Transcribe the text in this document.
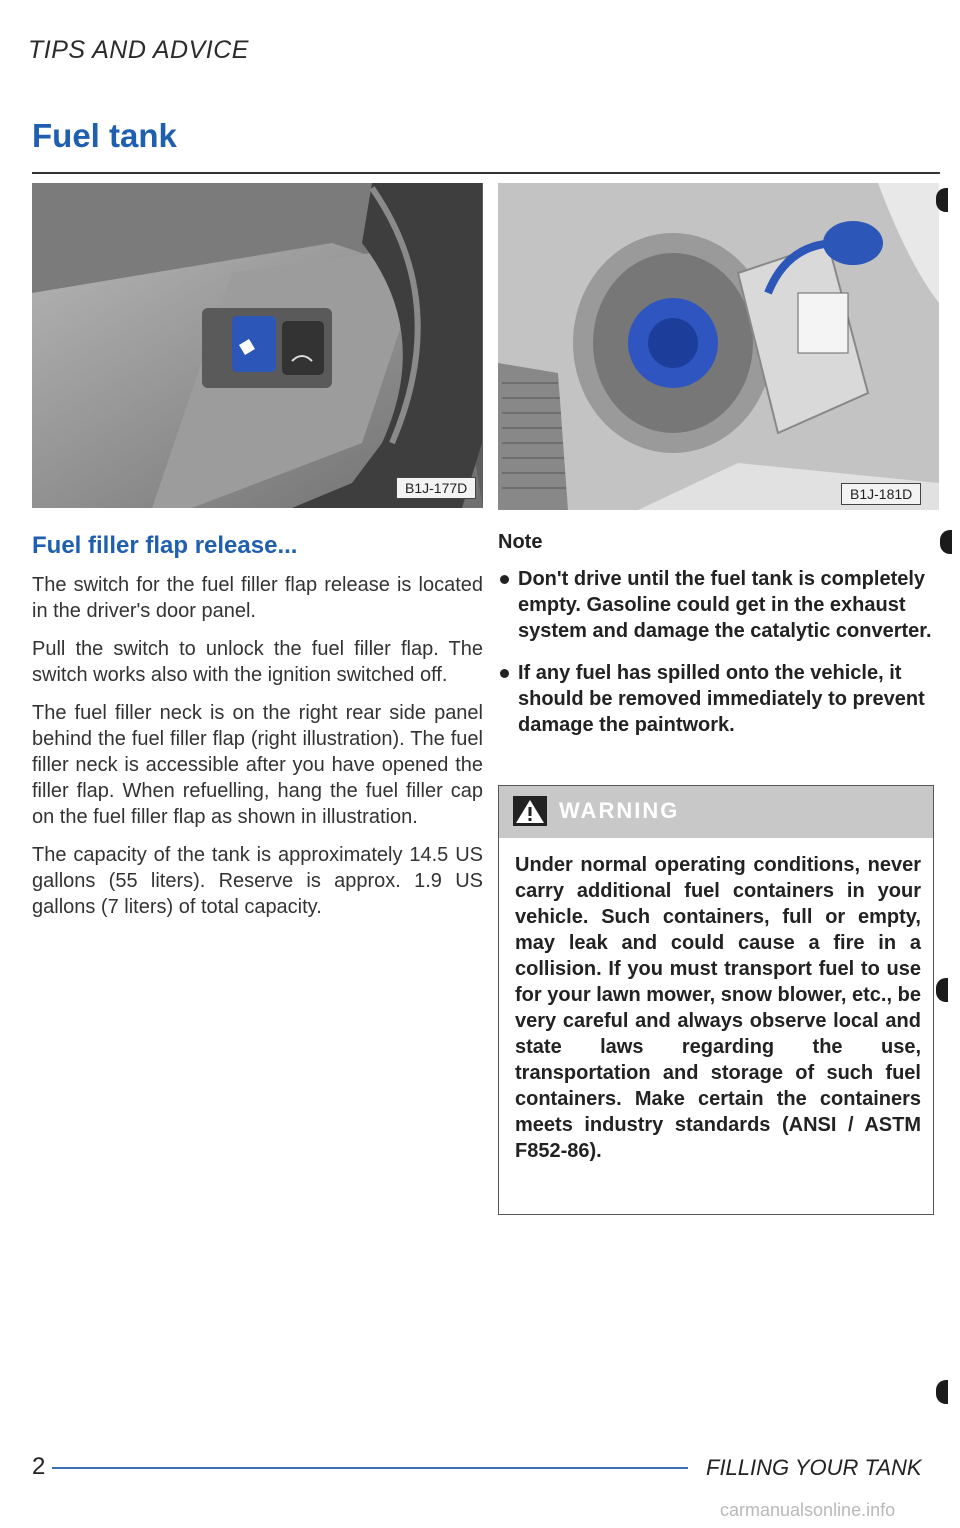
TIPS AND ADVICE
Fuel tank
B1J-177D	B1J-181D
Fuel filler flap release...

The switch for the fuel filler flap release is located in the driver's door panel.

Pull the switch to unlock the fuel filler flap. The switch works also with the ignition switched off.

The fuel filler neck is on the right rear side panel behind the fuel filler flap (right illustration). The fuel filler neck is accessible after you have opened the filler flap. When refuelling, hang the fuel filler cap on the fuel filler flap as shown in illustration.

The capacity of the tank is approximately 14.5 US gallons (55 liters). Reserve is approx. 1.9 US gallons (7 liters) of total capacity.

Note
Don't drive until the fuel tank is completely empty. Gasoline could get in the exhaust system and damage the catalytic converter.
If any fuel has spilled onto the vehicle, it should be removed immediately to prevent damage the paintwork.
WARNING
Under normal operating conditions, never carry additional fuel containers in your vehicle. Such containers, full or empty, may leak and could cause a fire in a collision. If you must transport fuel to use for your lawn mower, snow blower, etc., be very careful and always observe local and state laws regarding the use, transportation and storage of such fuel containers. Make certain the containers meets industry standards (ANSI / ASTM F852-86).
2	FILLING YOUR TANK
carmanualsonline.info
